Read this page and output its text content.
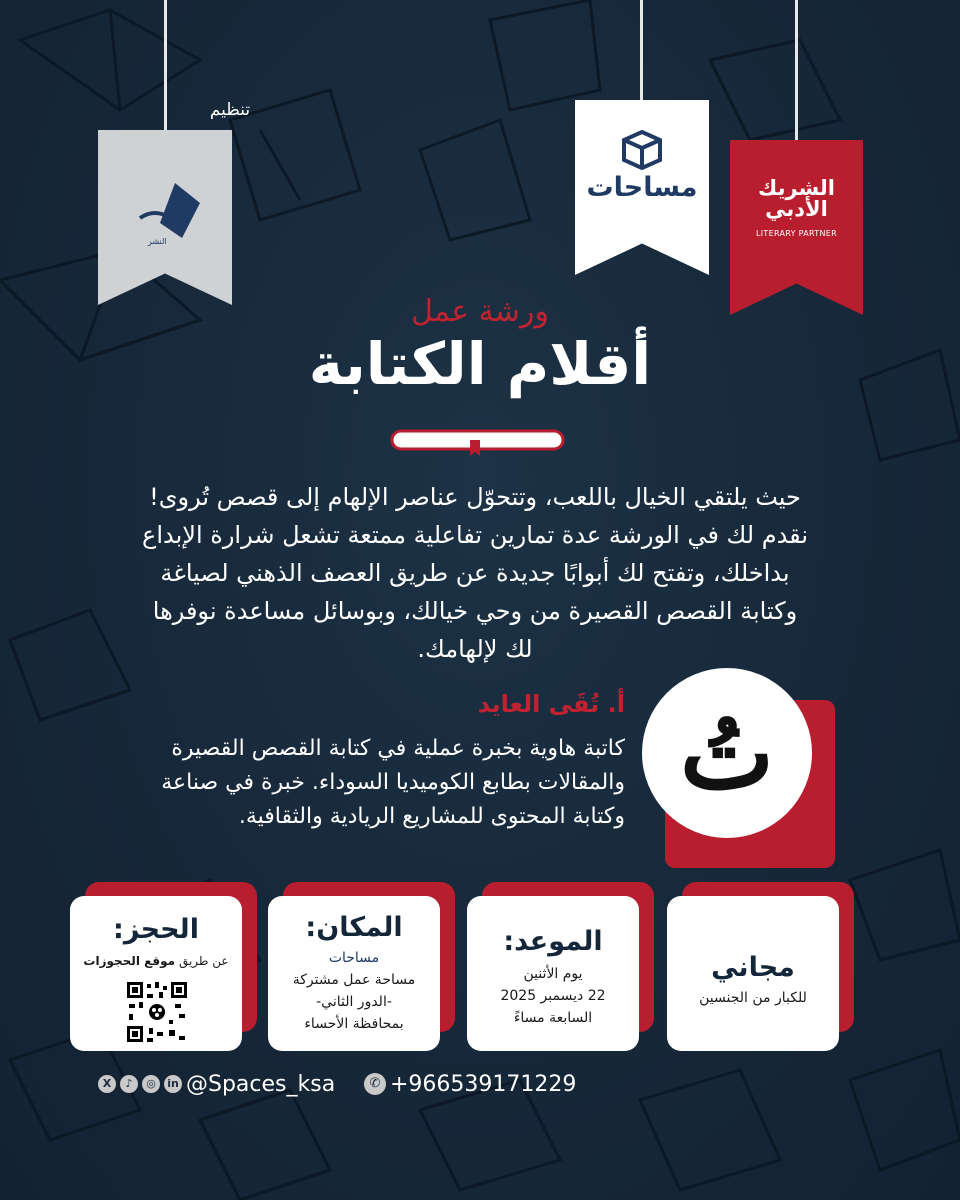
تنظيم
النشر
مساحات	الشريك
الأدبي
LITERARY PARTNER
ورشة عمل
أقلام الكتابة
حيث يلتقي الخيال باللعب، وتتحوّل عناصر الإلهام إلى قصص تُروى! نقدم لك في الورشة عدة تمارين تفاعلية ممتعة تشعل شرارة الإبداع بداخلك، وتفتح لك أبوابًا جديدة عن طريق العصف الذهني لصياغة وكتابة القصص القصيرة من وحي خيالك، وبوسائل مساعدة نوفرها لك لإلهامك.
أ. تُقَى العايد
كاتبة هاوية بخبرة عملية في كتابة القصص القصيرة والمقالات بطابع الكوميديا السوداء. خبرة في صناعة وكتابة المحتوى للمشاريع الريادية والثقافية.
تُ
الحجز:
عن طريق موقع الحجوزات
المكان:
مساحات
مساحة عمل مشتركة
-الدور الثاني-
بمحافظة الأحساء
الموعد:
يوم الأثنين
22 ديسمبر 2025
السابعة مساءً
مجاني
للكبار من الجنسين
X	♪	◎	in @Spaces_ksa	✆ +966539171229
